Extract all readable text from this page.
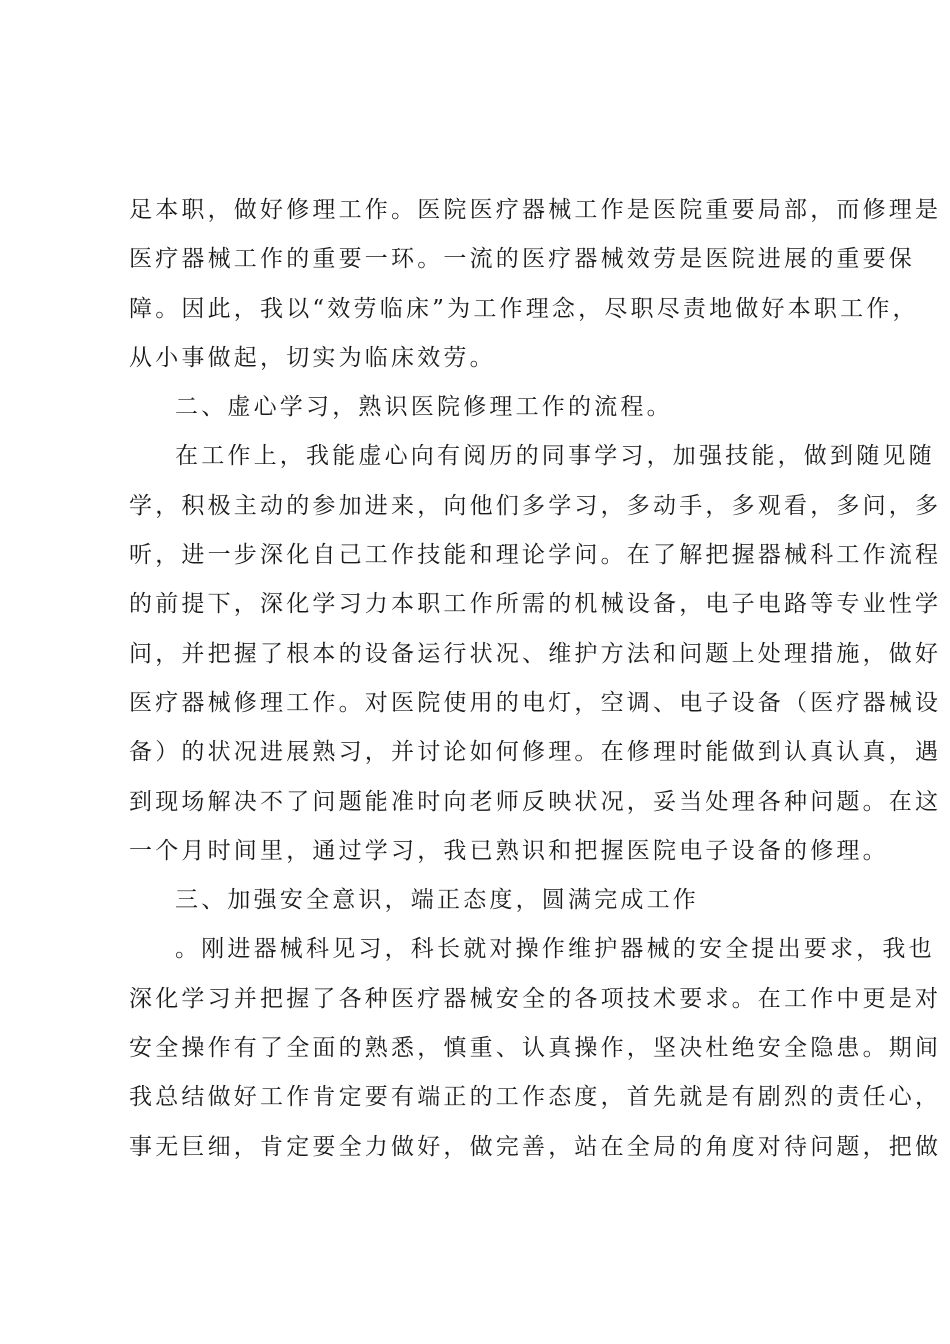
足本职，做好修理工作。医院医疗器械工作是医院重要局部，而修理是
医疗器械工作的重要一环。一流的医疗器械效劳是医院进展的重要保
障。因此，我以“效劳临床”为工作理念，尽职尽责地做好本职工作，
从小事做起，切实为临床效劳。
二、虚心学习，熟识医院修理工作的流程。
在工作上，我能虚心向有阅历的同事学习，加强技能，做到随见随
学，积极主动的参加进来，向他们多学习，多动手，多观看，多问，多
听，进一步深化自己工作技能和理论学问。在了解把握器械科工作流程
的前提下，深化学习力本职工作所需的机械设备，电子电路等专业性学
问，并把握了根本的设备运行状况、维护方法和问题上处理措施，做好
医疗器械修理工作。对医院使用的电灯，空调、电子设备（医疗器械设
备）的状况进展熟习，并讨论如何修理。在修理时能做到认真认真，遇
到现场解决不了问题能准时向老师反映状况，妥当处理各种问题。在这
一个月时间里，通过学习，我已熟识和把握医院电子设备的修理。
三、加强安全意识，端正态度，圆满完成工作
。刚进器械科见习，科长就对操作维护器械的安全提出要求，我也
深化学习并把握了各种医疗器械安全的各项技术要求。在工作中更是对
安全操作有了全面的熟悉，慎重、认真操作，坚决杜绝安全隐患。期间
我总结做好工作肯定要有端正的工作态度，首先就是有剧烈的责任心，
事无巨细，肯定要全力做好，做完善，站在全局的角度对待问题，把做
